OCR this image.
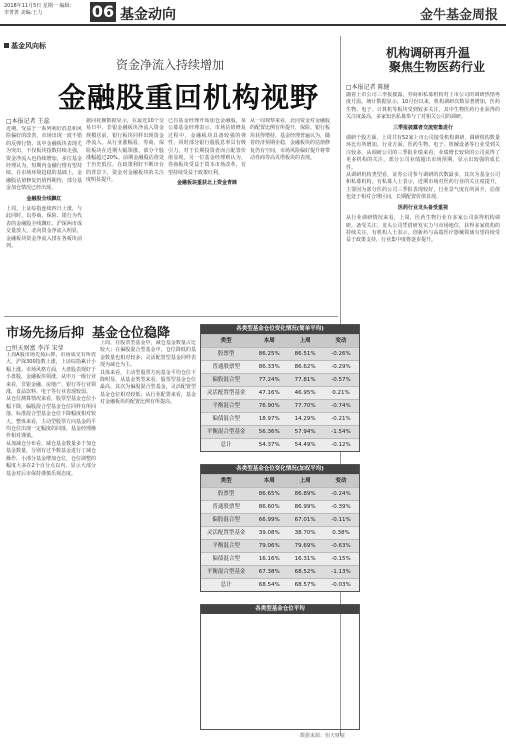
2018年11月5日 星期一 编辑:李菁菁 美编:王力	06 基金动向	金牛基金周报
基金风向标
资金净流入持续增加
金融股重回机构视野
□本报记者 王蕊

近期，受益于一系列利好消息和风险偏好的改善，市场出现一波不错的反弹行情，其中金融板块表现尤为突出，不仅板块指数持续走强，资金净流入也持续增加，多位基金经理认为，短期内金融行情有望持续，在市场环境趋稳的基础上，金融股估值修复仍值得期待，部分基金加仓情况已经出现。

金融股全线飘红

上周，上证综指连续四日上涨，与此同时，以券商、保险、银行为代表的金融股全线飘红，沪深两市成交量放大，北向资金净流入明显，金融板块资金净流入排在各板块前列。

据同花顺数据显示，在最近10个交易日中，非银金融板块净流入资金规模居前，银行板块同样出现资金净流入。从行业涨幅看，券商、保险板块在近期大幅领涨，部分个股涨幅超过20%。前期金融股估值处于历史低位，在政策利好不断出台的背景下，资金对金融板块的关注度明显提升。

已有基金经理开始加仓金融股。某公募基金经理表示，市场估值修复过程中，金融板块具备较强的弹性，同时部分银行股股息率具有吸引力，对于长期投资者而言配置价值显现。另一位基金经理则认为，券商板块受益于资本市场改革，有望持续受益于政策红利。

金融板块重获北上资金青睐

从一周观察来看，北向资金对金融股的配置比例有所提升，保险、银行板块获得增持，基金经理普遍认为，随着经济预期企稳，金融板块的估值修复仍有空间，市场风险偏好提升将带动券商等高贝塔板块的表现。

机构调研再升温
聚焦生物医药行业
□本报记者 陈健

随着上市公司三季报披露，券商和私募机构对上市公司的调研热情再度升温。统计数据显示，10月份以来，机构调研次数显著增加，医药生物、电子、计算机等板块受到较多关注，其中生物医药行业获得的关注度最高，多家知名私募参与了对相关公司的调研。

三季报披露者交流密集进行

调研个股方面，上周共有52家上市公司接受机构调研，调研机构数量环比有所增加。行业方面，医药生物、电子、机械设备等行业受到关注较多。从调研公司的三季报业绩来看，业绩增长较快的公司获得了更多机构的关注，部分公司业绩超出市场预期，显示出较强的成长性。

从调研机构类型看，证券公司参与调研的次数最多，其次为基金公司和私募机构。有私募人士表示，近期市场对医药行业的关注度提升，主要因为部分医药公司三季报表现较好，行业景气度有所回升，估值也处于相对合理区间，长期配置价值显现。

医药行业龙头备受重视

从行业调研情况来看，上周，医药生物行业有多家公司获得机构调研，备受关注。龙头公司凭借研发实力与市场地位，获得多家机构的持续关注。有机构人士表示，创新药与高端医疗器械领域有望持续受益于政策支持，行业集中度将逐步提升。

市场先扬后抑 基金仓位稳降
□恒天财富 李洋 宋莹

上周A股市场先扬后抑，市场成交有所放大，沪深300指数上涨，上证综指累计小幅上涨。市场风格方面，大盘股表现好于小盘股，金融板块领涨。从申万一级行业来看，非银金融、房地产、银行等行业领涨，食品饮料、电子等行业表现较弱。

从仓位测算情况来看，股票型基金仓位小幅下降，偏股混合型基金仓位同样有所回落，标准混合型基金仓位下降幅度相对较大。整体来看，主动型股票方向基金的平均仓位出现一定幅度的回落，基金经理操作相对谨慎。

从加减仓分布看，减仓基金数量多于加仓基金数量，分别有过半数基金进行了减仓操作，小部分基金增加仓位，仓位调整的幅度大多在2个百分点以内，显示大部分基金对后市保持谨慎乐观态度。

上周，在股票型基金中，减仓基金数量占比较大；在偏股混合型基金中，仓位降低的基金数量也相对较多；灵活配置型基金同样表现为减仓为主。

具体来看，主动型股票方向基金平均仓位下降明显，从基金类型来看，股票型基金仓位最高，其次为偏股混合型基金，灵活配置型基金仓位相对较低；从行业配置来看，基金对金融板块的配置比例有所提高。

各类型基金仓位变化情况(简单平均)
类型	本周	上周	变动
股票型	86.25%	86.51%	-0.26%
普通股票型	86.33%	86.62%	-0.29%
偏股混合型	77.24%	77.81%	-0.57%
灵活配置型基金	47.16%	46.95%	0.21%
平衡混合型	76.90%	77.70%	-0.74%
偏债混合型	18.97%	14.29%	-0.21%
平衡混合型基金	56.36%	57.94%	-1.54%
总计	54.37%	54.49%	-0.12%
各类型基金仓位变化情况(加权平均)
类型	本周	上周	变动
股票型	86.65%	86.89%	-0.24%
普通股票型	86.60%	86.99%	-0.39%
偏股混合型	66.99%	67.01%	-0.11%
灵活配置型基金	39.08%	38.70%	0.38%
平衡混合型	79.06%	79.69%	-0.63%
偏债混合型	16.16%	16.31%	-0.15%
平衡混合型基金	67.38%	68.52%	-1.13%
总计	68.54%	68.57%	-0.03%
各类型基金仓位平均
数据来源：恒天财富
